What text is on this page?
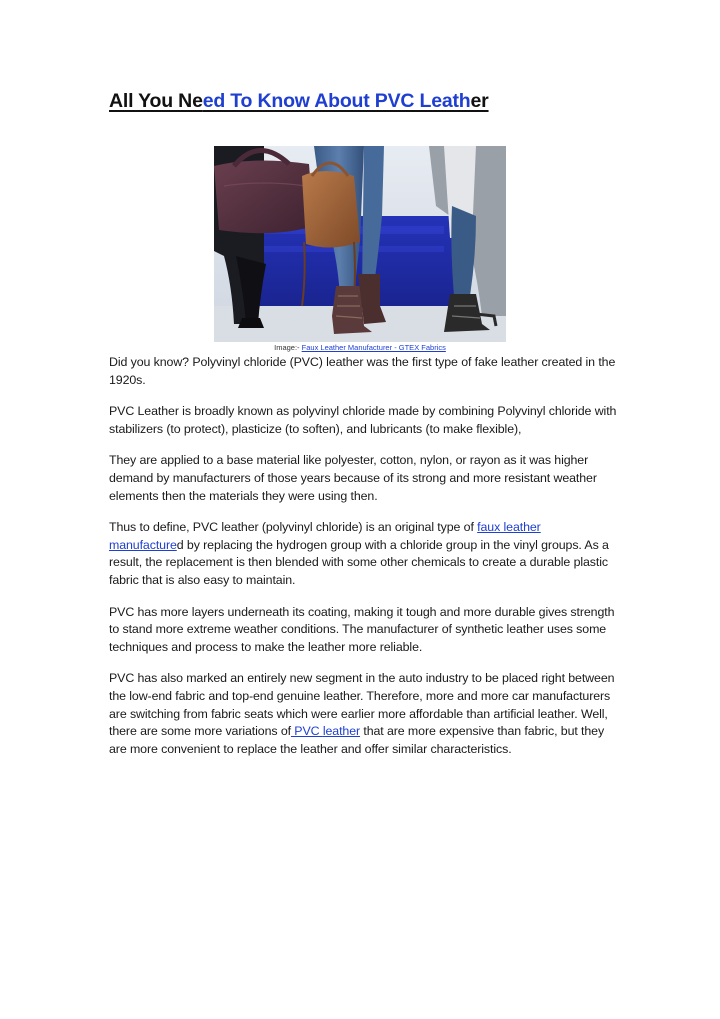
All You Need To Know About PVC Leather
Image:- Faux Leather Manufacturer - GTEX Fabrics

Did you know? Polyvinyl chloride (PVC) leather was the first type of fake leather created in the 1920s.

PVC Leather is broadly known as polyvinyl chloride made by combining Polyvinyl chloride with stabilizers (to protect), plasticize (to soften), and lubricants (to make flexible),

They are applied to a base material like polyester, cotton, nylon, or rayon as it was higher demand by manufacturers of those years because of its strong and more resistant weather elements then the materials they were using then.

Thus to define, PVC leather (polyvinyl chloride) is an original type of faux leather manufactured by replacing the hydrogen group with a chloride group in the vinyl groups. As a result, the replacement is then blended with some other chemicals to create a durable plastic fabric that is also easy to maintain.

PVC has more layers underneath its coating, making it tough and more durable gives strength to stand more extreme weather conditions. The manufacturer of synthetic leather uses some techniques and process to make the leather more reliable.

PVC has also marked an entirely new segment in the auto industry to be placed right between the low-end fabric and top-end genuine leather. Therefore, more and more car manufacturers are switching from fabric seats which were earlier more affordable than artificial leather. Well, there are some more variations of PVC leather that are more expensive than fabric, but they are more convenient to replace the leather and offer similar characteristics.
